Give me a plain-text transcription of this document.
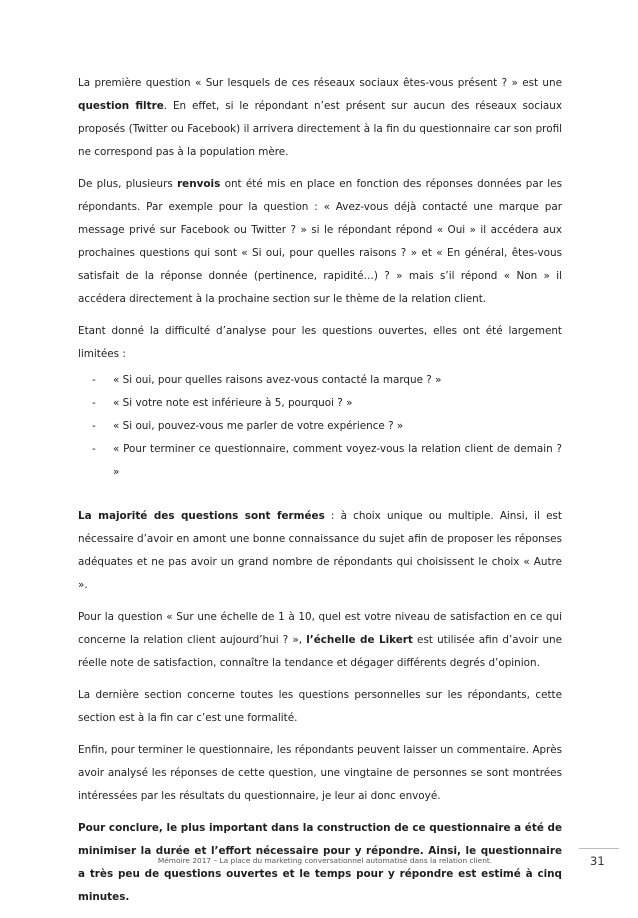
La première question « Sur lesquels de ces réseaux sociaux êtes-vous présent ? » est une question filtre. En effet, si le répondant n’est présent sur aucun des réseaux sociaux proposés (Twitter ou Facebook) il arrivera directement à la fin du questionnaire car son profil ne correspond pas à la population mère.

De plus, plusieurs renvois ont été mis en place en fonction des réponses données par les répondants. Par exemple pour la question : « Avez-vous déjà contacté une marque par message privé sur Facebook ou Twitter ? » si le répondant répond « Oui » il accédera aux prochaines questions qui sont « Si oui, pour quelles raisons ? » et « En général, êtes-vous satisfait de la réponse donnée (pertinence, rapidité…) ? » mais s’il répond « Non » il accédera directement à la prochaine section sur le thème de la relation client.

Etant donné la difficulté d’analyse pour les questions ouvertes, elles ont été largement limitées :

- « Si oui, pour quelles raisons avez-vous contacté la marque ? »
- « Si votre note est inférieure à 5, pourquoi ? »
- « Si oui, pouvez-vous me parler de votre expérience ? »
- « Pour terminer ce questionnaire, comment voyez-vous la relation client de demain ? »

La majorité des questions sont fermées : à choix unique ou multiple. Ainsi, il est nécessaire d’avoir en amont une bonne connaissance du sujet afin de proposer les réponses adéquates et ne pas avoir un grand nombre de répondants qui choisissent le choix « Autre ».

Pour la question « Sur une échelle de 1 à 10, quel est votre niveau de satisfaction en ce qui concerne la relation client aujourd’hui ? », l’échelle de Likert est utilisée afin d’avoir une réelle note de satisfaction, connaître la tendance et dégager différents degrés d’opinion.

La dernière section concerne toutes les questions personnelles sur les répondants, cette section est à la fin car c’est une formalité.

Enfin, pour terminer le questionnaire, les répondants peuvent laisser un commentaire. Après avoir analysé les réponses de cette question, une vingtaine de personnes se sont montrées intéressées par les résultats du questionnaire, je leur ai donc envoyé.

Pour conclure, le plus important dans la construction de ce questionnaire a été de minimiser la durée et l’effort nécessaire pour y répondre. Ainsi, le questionnaire a très peu de questions ouvertes et le temps pour y répondre est estimé à cinq minutes.

Mémoire 2017 – La place du marketing conversationnel automatisé dans la relation client.	31
